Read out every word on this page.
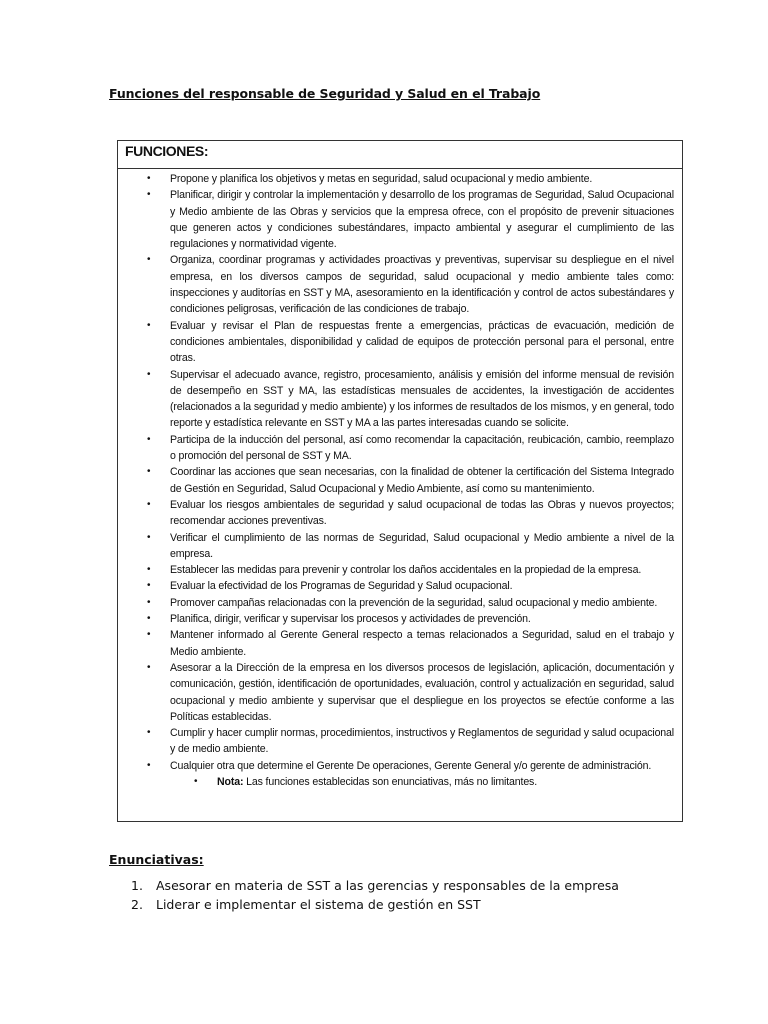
Funciones del responsable de Seguridad y Salud en el Trabajo
FUNCIONES:
• Propone y planifica los objetivos y metas en seguridad, salud ocupacional y medio ambiente.
• Planificar, dirigir y controlar la implementación y desarrollo de los programas de Seguridad, Salud Ocupacional y Medio ambiente de las Obras y servicios que la empresa ofrece, con el propósito de prevenir situaciones que generen actos y condiciones subestándares, impacto ambiental y asegurar el cumplimiento de las regulaciones y normatividad vigente.
• Organiza, coordinar programas y actividades proactivas y preventivas, supervisar su despliegue en el nivel empresa, en los diversos campos de seguridad, salud ocupacional y medio ambiente tales como: inspecciones y auditorías en SST y MA, asesoramiento en la identificación y control de actos subestándares y condiciones peligrosas, verificación de las condiciones de trabajo.
• Evaluar y revisar el Plan de respuestas frente a emergencias, prácticas de evacuación, medición de condiciones ambientales, disponibilidad y calidad de equipos de protección personal para el personal, entre otras.
• Supervisar el adecuado avance, registro, procesamiento, análisis y emisión del informe mensual de revisión de desempeño en SST y MA, las estadísticas mensuales de accidentes, la investigación de accidentes (relacionados a la seguridad y medio ambiente) y los informes de resultados de los mismos, y en general, todo reporte y estadística relevante en SST y MA a las partes interesadas cuando se solicite.
• Participa de la inducción del personal, así como recomendar la capacitación, reubicación, cambio, reemplazo o promoción del personal de SST y MA.
• Coordinar las acciones que sean necesarias, con la finalidad de obtener la certificación del Sistema Integrado de Gestión en Seguridad, Salud Ocupacional y Medio Ambiente, así como su mantenimiento.
• Evaluar los riesgos ambientales de seguridad y salud ocupacional de todas las Obras y nuevos proyectos; recomendar acciones preventivas.
• Verificar el cumplimiento de las normas de Seguridad, Salud ocupacional y Medio ambiente a nivel de la empresa.
• Establecer las medidas para prevenir y controlar los daños accidentales en la propiedad de la empresa.
• Evaluar la efectividad de los Programas de Seguridad y Salud ocupacional.
• Promover campañas relacionadas con la prevención de la seguridad, salud ocupacional y medio ambiente.
• Planifica, dirigir, verificar y supervisar los procesos y actividades de prevención.
• Mantener informado al Gerente General respecto a temas relacionados a Seguridad, salud en el trabajo y Medio ambiente.
• Asesorar a la Dirección de la empresa en los diversos procesos de legislación, aplicación, documentación y comunicación, gestión, identificación de oportunidades, evaluación, control y actualización en seguridad, salud ocupacional y medio ambiente y supervisar que el despliegue en los proyectos se efectúe conforme a las Políticas establecidas.
• Cumplir y hacer cumplir normas, procedimientos, instructivos y Reglamentos de seguridad y salud ocupacional y de medio ambiente.
• Cualquier otra que determine el Gerente De operaciones, Gerente General y/o gerente de administración.
• Nota: Las funciones establecidas son enunciativas, más no limitantes.
Enunciativas:
1. Asesorar en materia de SST a las gerencias y responsables de la empresa
2. Liderar e implementar el sistema de gestión en SST
